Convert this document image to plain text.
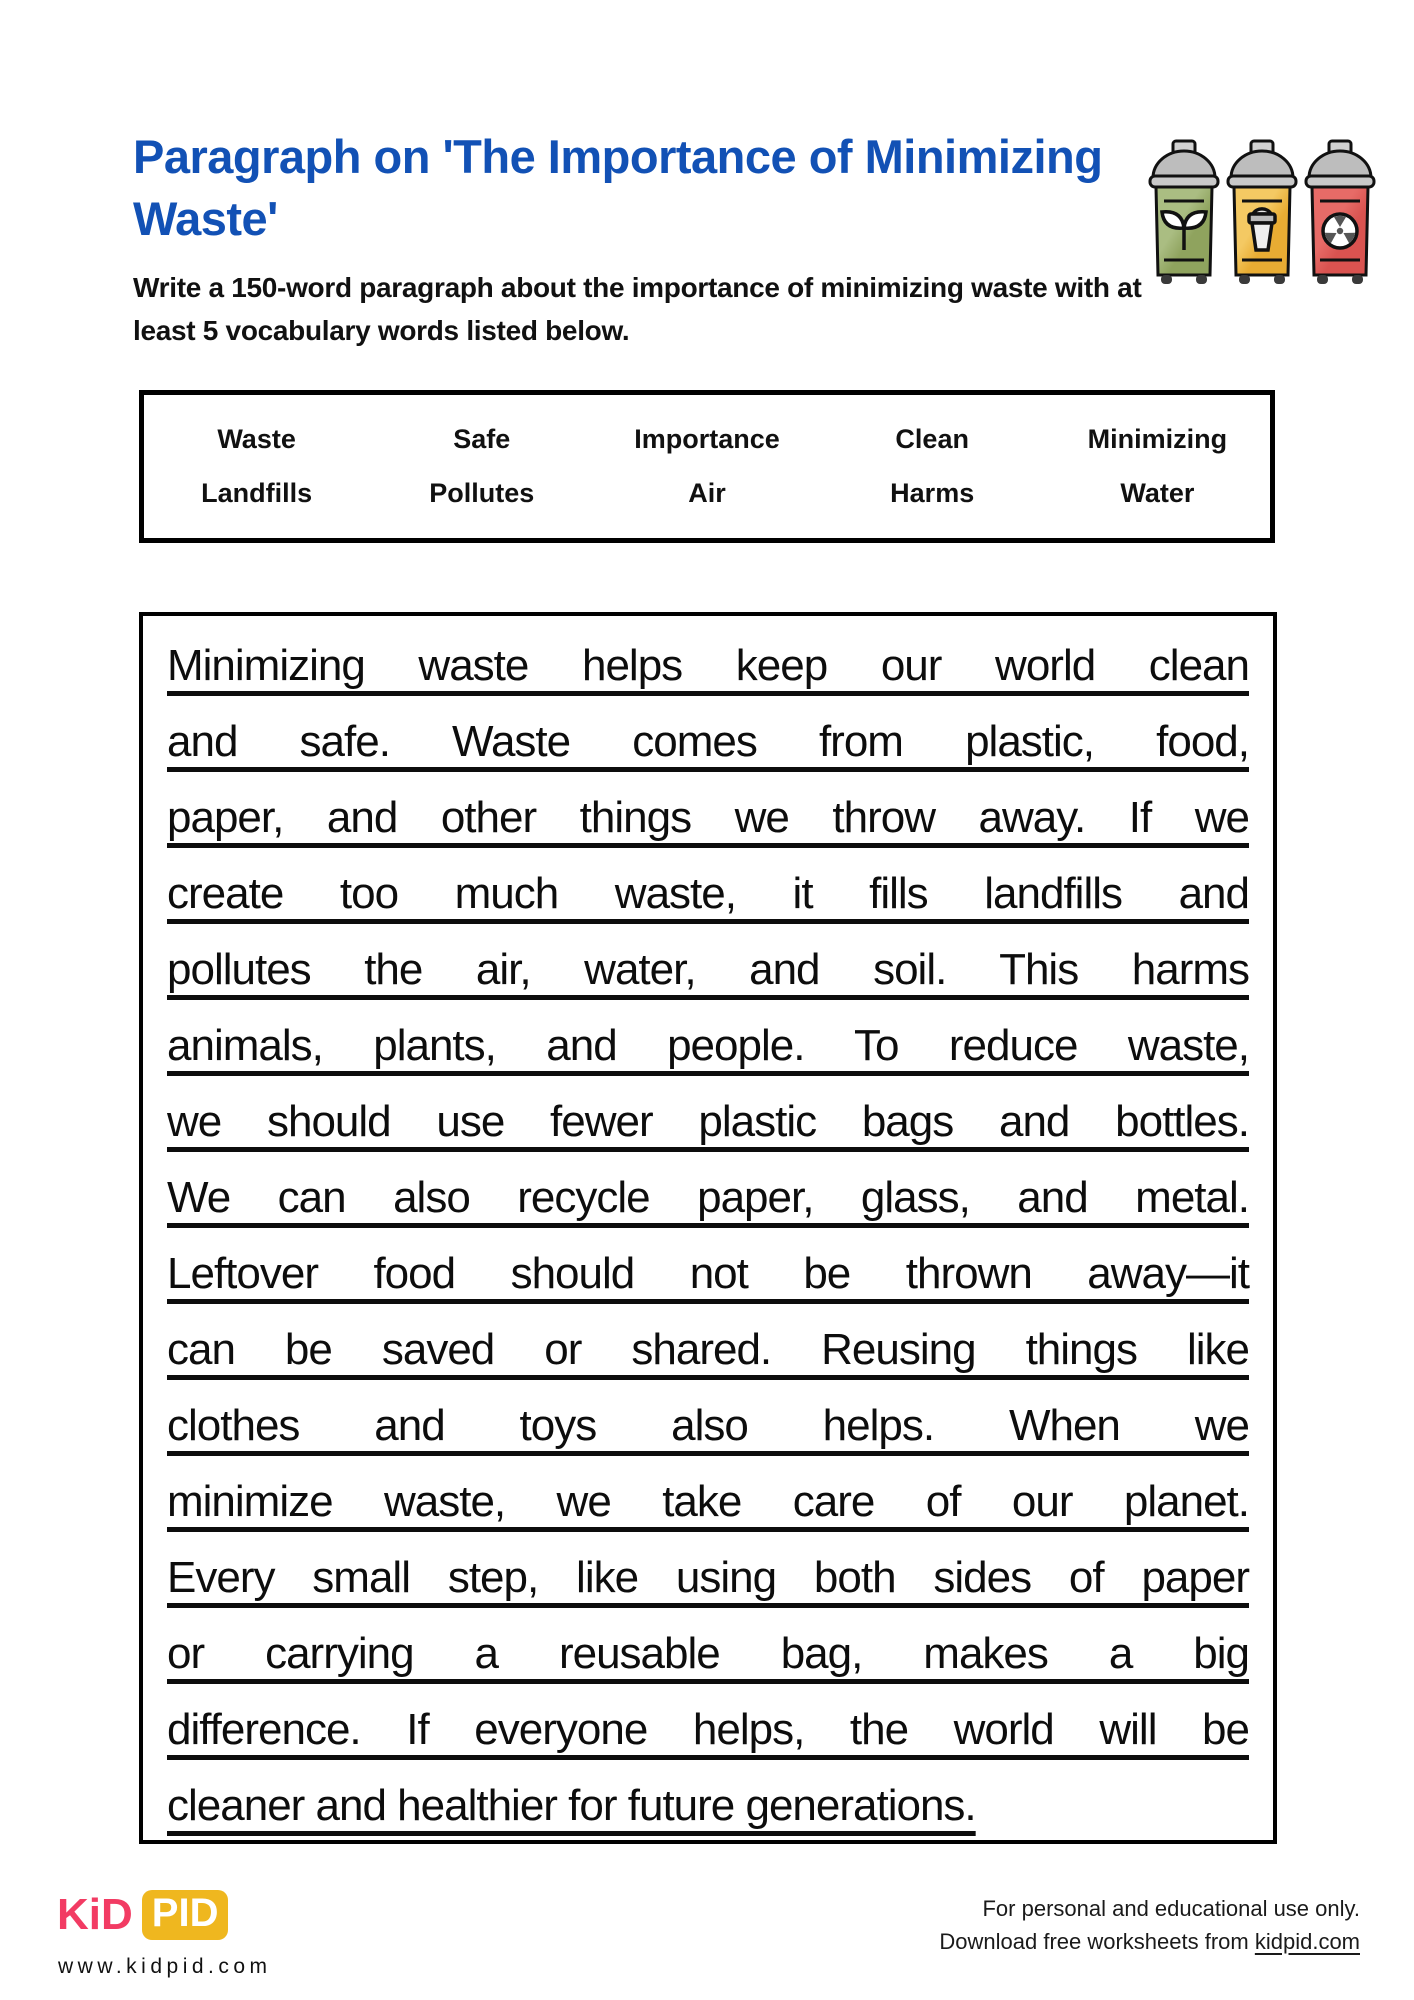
Paragraph on 'The Importance of Minimizing
Waste'

Write a 150-word paragraph about the importance of minimizing waste with at least 5 vocabulary words listed below.

Waste	Safe	Importance	Clean	Minimizing
Landfills	Pollutes	Air	Harms	Water
Minimizing waste helps keep our world clean
and safe. Waste comes from plastic, food,
paper, and other things we throw away. If we
create too much waste, it fills landfills and
pollutes the air, water, and soil. This harms
animals, plants, and people. To reduce waste,
we should use fewer plastic bags and bottles.
We can also recycle paper, glass, and metal.
Leftover food should not be thrown away—it
can be saved or shared. Reusing things like
clothes and toys also helps. When we
minimize waste, we take care of our planet.
Every small step, like using both sides of paper
or carrying a reusable bag, makes a big
difference. If everyone helps, the world will be
cleaner and healthier for future generations.
KiD PID
www.kidpid.com
For personal and educational use only.
Download free worksheets from kidpid.com
